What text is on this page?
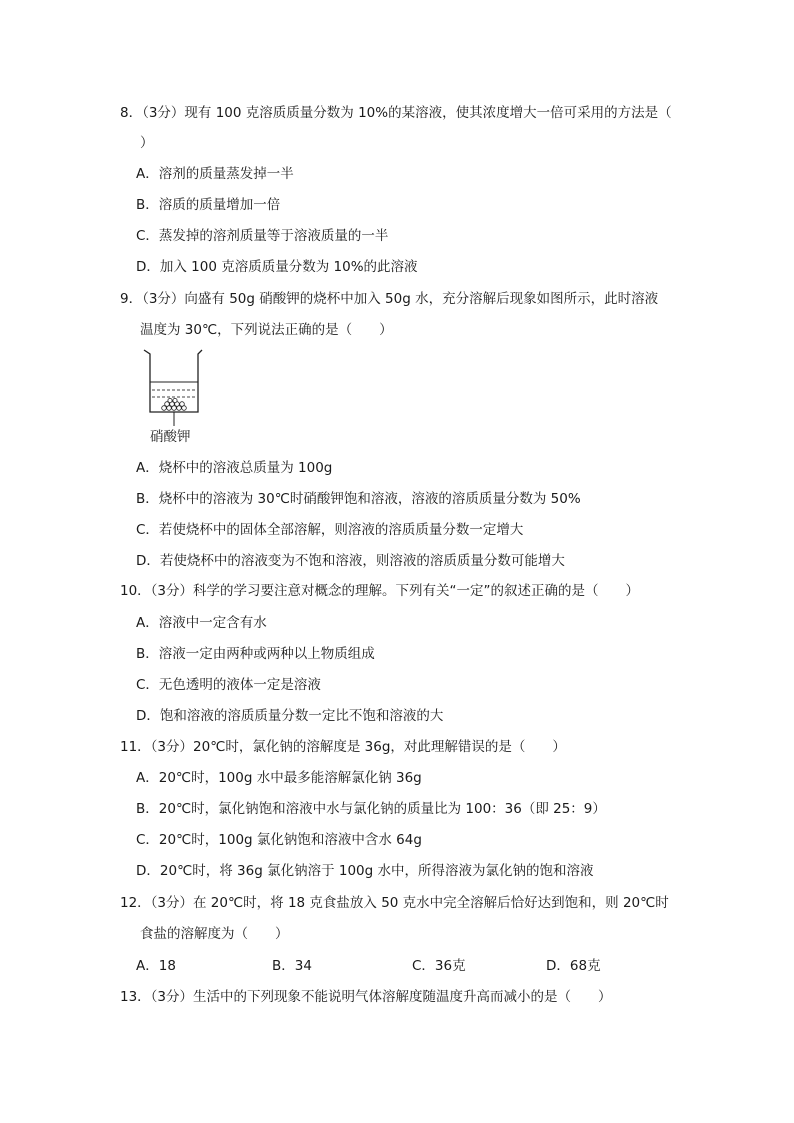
8．（3分）现有 100 克溶质质量分数为 10%的某溶液，使其浓度增大一倍可采用的方法是（
）
A．溶剂的质量蒸发掉一半
B．溶质的质量增加一倍
C．蒸发掉的溶剂质量等于溶液质量的一半
D．加入 100 克溶质质量分数为 10%的此溶液
9．（3分）向盛有 50g 硝酸钾的烧杯中加入 50g 水，充分溶解后现象如图所示，此时溶液
温度为 30℃，下列说法正确的是（　　）
硝酸钾
A．烧杯中的溶液总质量为 100g
B．烧杯中的溶液为 30℃时硝酸钾饱和溶液，溶液的溶质质量分数为 50%
C．若使烧杯中的固体全部溶解，则溶液的溶质质量分数一定增大
D．若使烧杯中的溶液变为不饱和溶液，则溶液的溶质质量分数可能增大
10．（3分）科学的学习要注意对概念的理解。下列有关“一定”的叙述正确的是（　　）
A．溶液中一定含有水
B．溶液一定由两种或两种以上物质组成
C．无色透明的液体一定是溶液
D．饱和溶液的溶质质量分数一定比不饱和溶液的大
11．（3分）20℃时，氯化钠的溶解度是 36g，对此理解错误的是（　　）
A．20℃时，100g 水中最多能溶解氯化钠 36g
B．20℃时，氯化钠饱和溶液中水与氯化钠的质量比为 100：36（即 25：9）
C．20℃时，100g 氯化钠饱和溶液中含水 64g
D．20℃时，将 36g 氯化钠溶于 100g 水中，所得溶液为氯化钠的饱和溶液
12．（3分）在 20℃时，将 18 克食盐放入 50 克水中完全溶解后恰好达到饱和，则 20℃时
食盐的溶解度为（　　）
A．18	B．34	C．36克	D．68克
13．（3分）生活中的下列现象不能说明气体溶解度随温度升高而减小的是（　　）
